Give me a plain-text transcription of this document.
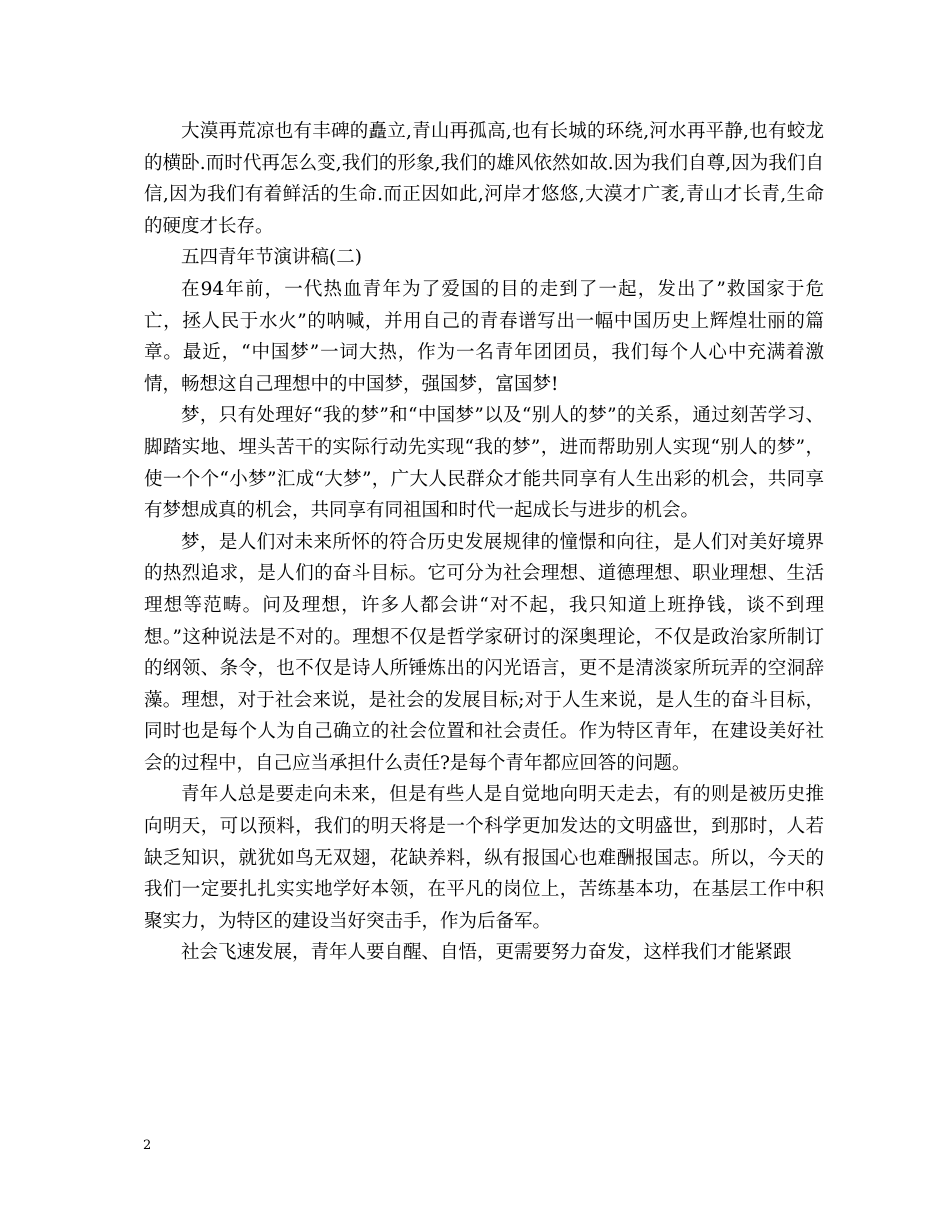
大漠再荒凉也有丰碑的矗立,青山再孤高,也有长城的环绕,河水再平静,也有蛟龙的横卧.而时代再怎么变,我们的形象,我们的雄风依然如故.因为我们自尊,因为我们自信,因为我们有着鲜活的生命.而正因如此,河岸才悠悠,大漠才广袤,青山才长青,生命的硬度才长存。

五四青年节演讲稿(二)

在94年前，一代热血青年为了爱国的目的走到了一起，发出了”救国家于危亡，拯人民于水火”的呐喊，并用自己的青春谱写出一幅中国历史上辉煌壮丽的篇章。最近，“中国梦”一词大热，作为一名青年团团员，我们每个人心中充满着激情，畅想这自己理想中的中国梦，强国梦，富国梦!

梦，只有处理好“我的梦”和“中国梦”以及“别人的梦”的关系，通过刻苦学习、脚踏实地、埋头苦干的实际行动先实现“我的梦”，进而帮助别人实现“别人的梦”，使一个个“小梦”汇成“大梦”，广大人民群众才能共同享有人生出彩的机会，共同享有梦想成真的机会，共同享有同祖国和时代一起成长与进步的机会。

梦，是人们对未来所怀的符合历史发展规律的憧憬和向往，是人们对美好境界的热烈追求，是人们的奋斗目标。它可分为社会理想、道德理想、职业理想、生活理想等范畴。问及理想，许多人都会讲“对不起，我只知道上班挣钱，谈不到理想。”这种说法是不对的。理想不仅是哲学家研讨的深奥理论，不仅是政治家所制订的纲领、条令，也不仅是诗人所锤炼出的闪光语言，更不是清淡家所玩弄的空洞辞藻。理想，对于社会来说，是社会的发展目标;对于人生来说，是人生的奋斗目标，同时也是每个人为自己确立的社会位置和社会责任。作为特区青年，在建设美好社会的过程中，自己应当承担什么责任?是每个青年都应回答的问题。

青年人总是要走向未来，但是有些人是自觉地向明天走去，有的则是被历史推向明天，可以预料，我们的明天将是一个科学更加发达的文明盛世，到那时，人若缺乏知识，就犹如鸟无双翅，花缺养料，纵有报国心也难酬报国志。所以，今天的我们一定要扎扎实实地学好本领，在平凡的岗位上，苦练基本功，在基层工作中积聚实力，为特区的建设当好突击手，作为后备军。

社会飞速发展，青年人要自醒、自悟，更需要努力奋发，这样我们才能紧跟

2
